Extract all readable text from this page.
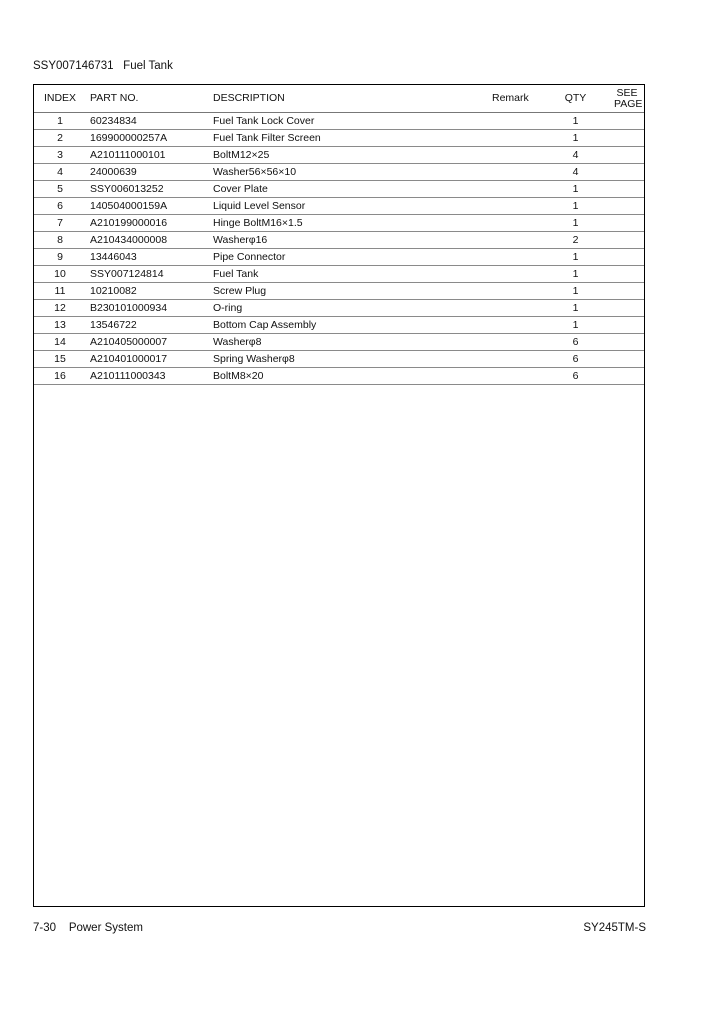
SSY007146731 Fuel Tank
INDEX	PART NO.	DESCRIPTION	Remark	QTY	SEE
PAGE
1	60234834	Fuel Tank Lock Cover		1	
2	169900000257A	Fuel Tank Filter Screen		1	
3	A210111000101	BoltM12×25		4	
4	24000639	Washer56×56×10		4	
5	SSY006013252	Cover Plate		1	
6	140504000159A	Liquid Level Sensor		1	
7	A210199000016	Hinge BoltM16×1.5		1	
8	A210434000008	Washerφ16		2	
9	13446043	Pipe Connector		1	
10	SSY007124814	Fuel Tank		1	
11	10210082	Screw Plug		1	
12	B230101000934	O-ring		1	
13	13546722	Bottom Cap Assembly		1	
14	A210405000007	Washerφ8		6	
15	A210401000017	Spring Washerφ8		6	
16	A210111000343	BoltM8×20		6	
7-30 Power System	SY245TM-S
